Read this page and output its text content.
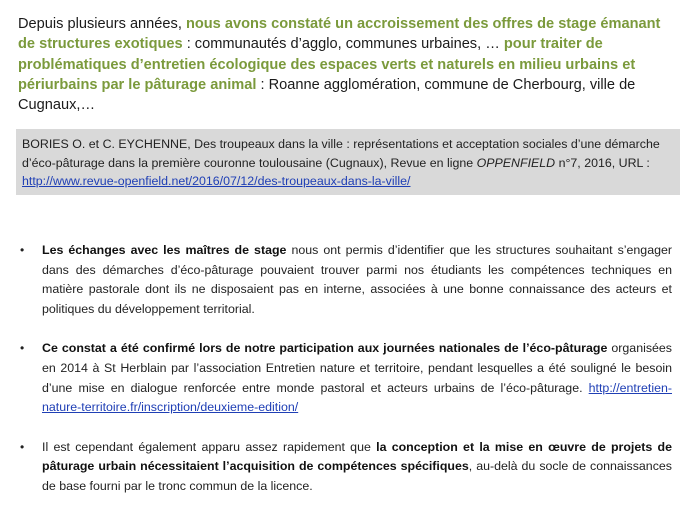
Depuis plusieurs années, nous avons constaté un accroissement des offres de stage émanant de structures exotiques : communautés d’agglo, communes urbaines, … pour traiter de problématiques d’entretien écologique des espaces verts et naturels en milieu urbains et périurbains par le pâturage animal : Roanne agglomération, commune de Cherbourg, ville de Cugnaux,…

BORIES O. et C. EYCHENNE, Des troupeaux dans la ville : représentations et acceptation sociales d’une démarche d’éco-pâturage dans la première couronne toulousaine (Cugnaux), Revue en ligne OPPENFIELD n°7, 2016, URL : http://www.revue-openfield.net/2016/07/12/des-troupeaux-dans-la-ville/
•	Les échanges avec les maîtres de stage nous ont permis d’identifier que les structures souhaitant s’engager dans des démarches d’éco-pâturage pouvaient trouver parmi nos étudiants les compétences techniques en matière pastorale dont ils ne disposaient pas en interne, associées à une bonne connaissance des acteurs et politiques du développement territorial.
•	Ce constat a été confirmé lors de notre participation aux journées nationales de l’éco-pâturage organisées en 2014 à St Herblain par l’association Entretien nature et territoire, pendant lesquelles a été souligné le besoin d’une mise en dialogue renforcée entre monde pastoral et acteurs urbains de l’éco-pâturage. http://entretien-nature-territoire.fr/inscription/deuxieme-edition/
•	Il est cependant également apparu assez rapidement que la conception et la mise en œuvre de projets de pâturage urbain nécessitaient l’acquisition de compétences spécifiques, au-delà du socle de connaissances de base fourni par le tronc commun de la licence.
